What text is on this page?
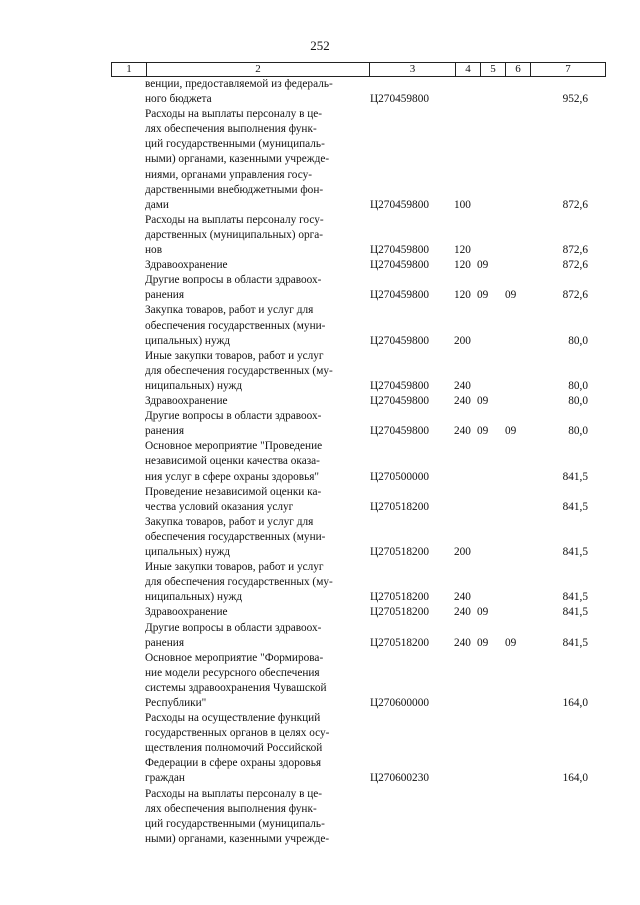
252
1	2	3	4	5	6	7
венции, предоставляемой из федераль-
ного бюджета	Ц270459800	952,6
Расходы на выплаты персоналу в це-
лях обеспечения выполнения функ-
ций государственными (муниципаль-
ными) органами, казенными учрежде-
ниями, органами управления госу-
дарственными внебюджетными фон-
дами	Ц270459800 100	872,6
Расходы на выплаты персоналу госу-
дарственных (муниципальных) орга-
нов	Ц270459800 120	872,6
Здравоохранение	Ц270459800 120 09	872,6
Другие вопросы в области здравоох-
ранения	Ц270459800 120 09 09	872,6
Закупка товаров, работ и услуг для
обеспечения государственных (муни-
ципальных) нужд	Ц270459800 200	80,0
Иные закупки товаров, работ и услуг
для обеспечения государственных (му-
ниципальных) нужд	Ц270459800 240	80,0
Здравоохранение	Ц270459800 240 09	80,0
Другие вопросы в области здравоох-
ранения	Ц270459800 240 09 09	80,0
Основное мероприятие "Проведение
независимой оценки качества оказа-
ния услуг в сфере охраны здоровья"	Ц270500000	841,5
Проведение независимой оценки ка-
чества условий оказания услуг	Ц270518200	841,5
Закупка товаров, работ и услуг для
обеспечения государственных (муни-
ципальных) нужд	Ц270518200 200	841,5
Иные закупки товаров, работ и услуг
для обеспечения государственных (му-
ниципальных) нужд	Ц270518200 240	841,5
Здравоохранение	Ц270518200 240 09	841,5
Другие вопросы в области здравоох-
ранения	Ц270518200 240 09 09	841,5
Основное мероприятие "Формирова-
ние модели ресурсного обеспечения
системы здравоохранения Чувашской
Республики"	Ц270600000	164,0
Расходы на осуществление функций
государственных органов в целях осу-
ществления полномочий Российской
Федерации в сфере охраны здоровья
граждан	Ц270600230	164,0
Расходы на выплаты персоналу в це-
лях обеспечения выполнения функ-
ций государственными (муниципаль-
ными) органами, казенными учрежде-
